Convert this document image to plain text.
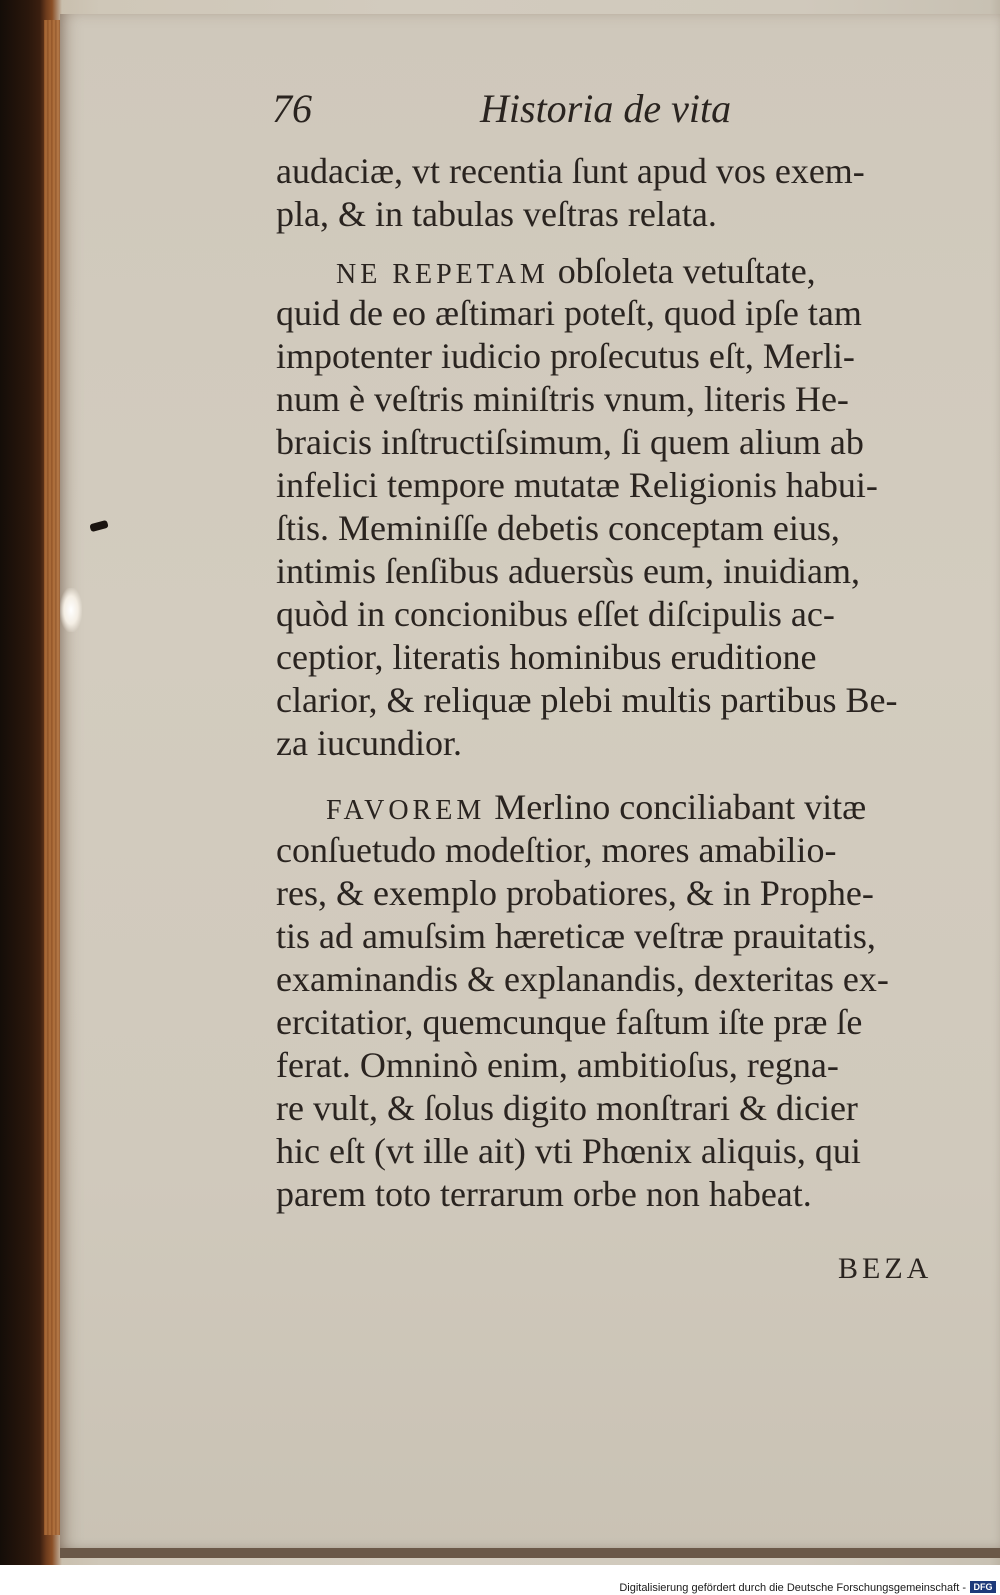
76	Historia de vita
audaciæ, vt recentia ſunt apud vos exem-
pla, & in tabulas veſtras relata.
NE REPETAM obſoleta vetuſtate,
quid de eo æſtimari poteſt, quod ipſe tam
impotenter iudicio proſecutus eſt, Merli-
num è veſtris miniſtris vnum, literis He-
braicis inſtructiſsimum, ſi quem alium ab
infelici tempore mutatæ Religionis habui-
ſtis. Meminiſſe debetis conceptam eius,
intimis ſenſibus aduersùs eum, inuidiam,
quòd in concionibus eſſet diſcipulis ac-
ceptior, literatis hominibus eruditione
clarior, & reliquæ plebi multis partibus Be-
za iucundior.
FAVOREM Merlino conciliabant vitæ
conſuetudo modeſtior, mores amabilio-
res, & exemplo probatiores, & in Prophe-
tis ad amuſsim hæreticæ veſtræ prauitatis,
examinandis & explanandis, dexteritas ex-
ercitatior, quemcunque faſtum iſte præ ſe
ferat. Omninò enim, ambitioſus, regna-
re vult, & ſolus digito monſtrari & dicier
hic eſt (vt ille ait) vti Phœnix aliquis, qui
parem toto terrarum orbe non habeat.
BEZA
Digitalisierung gefördert durch die Deutsche Forschungsgemeinschaft - DFG
